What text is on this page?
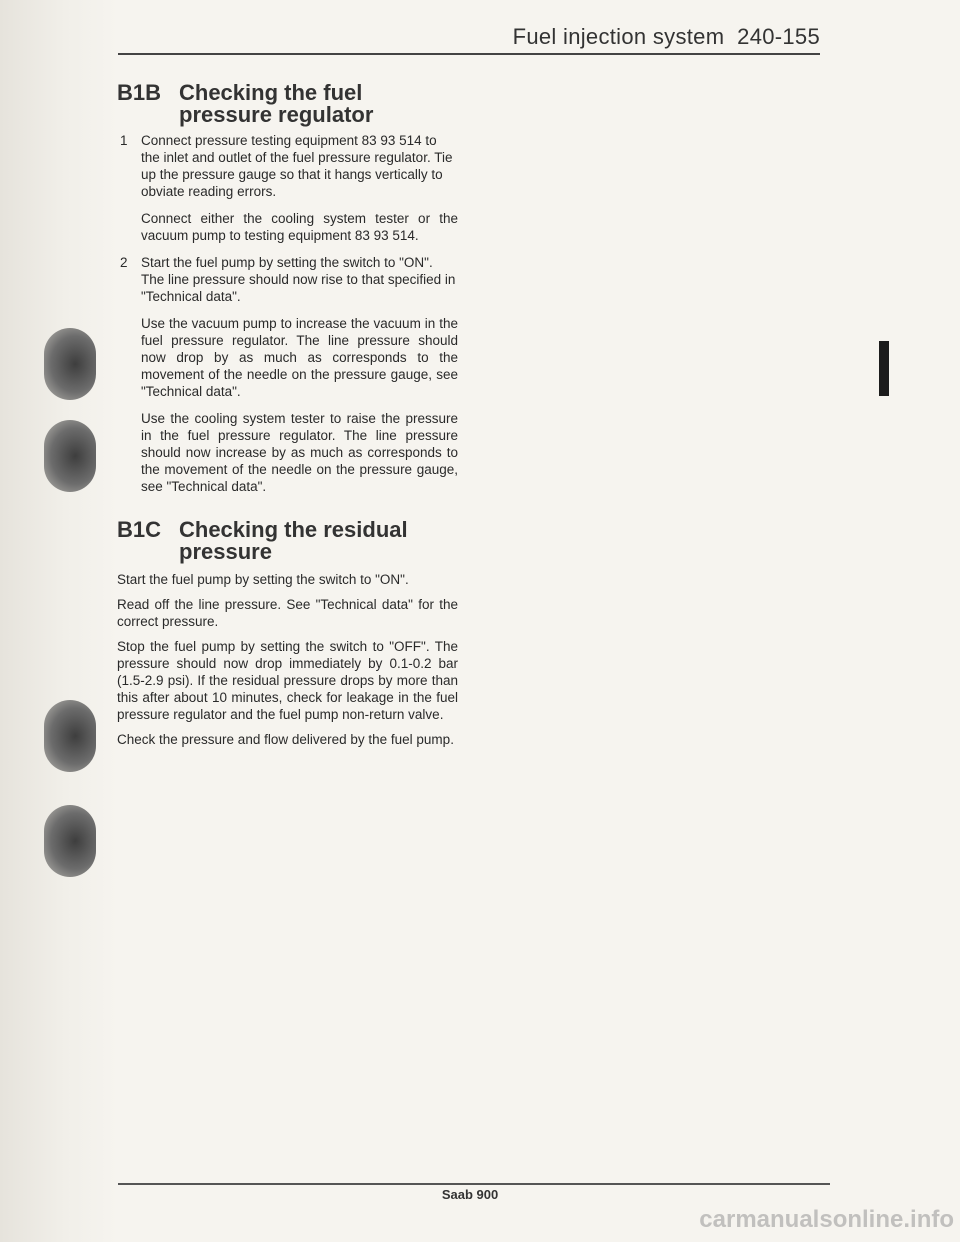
Fuel injection system 240-155
B1B Checking the fuel pressure regulator
1 Connect pressure testing equipment 83 93 514 to the inlet and outlet of the fuel pressure regulator. Tie up the pressure gauge so that it hangs vertically to obviate reading errors.

Connect either the cooling system tester or the vacuum pump to testing equipment 83 93 514.

2 Start the fuel pump by setting the switch to "ON". The line pressure should now rise to that specified in "Technical data".

Use the vacuum pump to increase the vacuum in the fuel pressure regulator. The line pressure should now drop by as much as corresponds to the movement of the needle on the pressure gauge, see "Technical data".

Use the cooling system tester to raise the pressure in the fuel pressure regulator. The line pressure should now increase by as much as corresponds to the movement of the needle on the pressure gauge, see "Technical data".

B1C Checking the residual pressure

Start the fuel pump by setting the switch to "ON".

Read off the line pressure. See "Technical data" for the correct pressure.

Stop the fuel pump by setting the switch to "OFF". The pressure should now drop immediately by 0.1-0.2 bar (1.5-2.9 psi). If the residual pressure drops by more than this after about 10 minutes, check for leakage in the fuel pressure regulator and the fuel pump non-return valve.

Check the pressure and flow delivered by the fuel pump.

Saab 900
carmanualsonline.info
